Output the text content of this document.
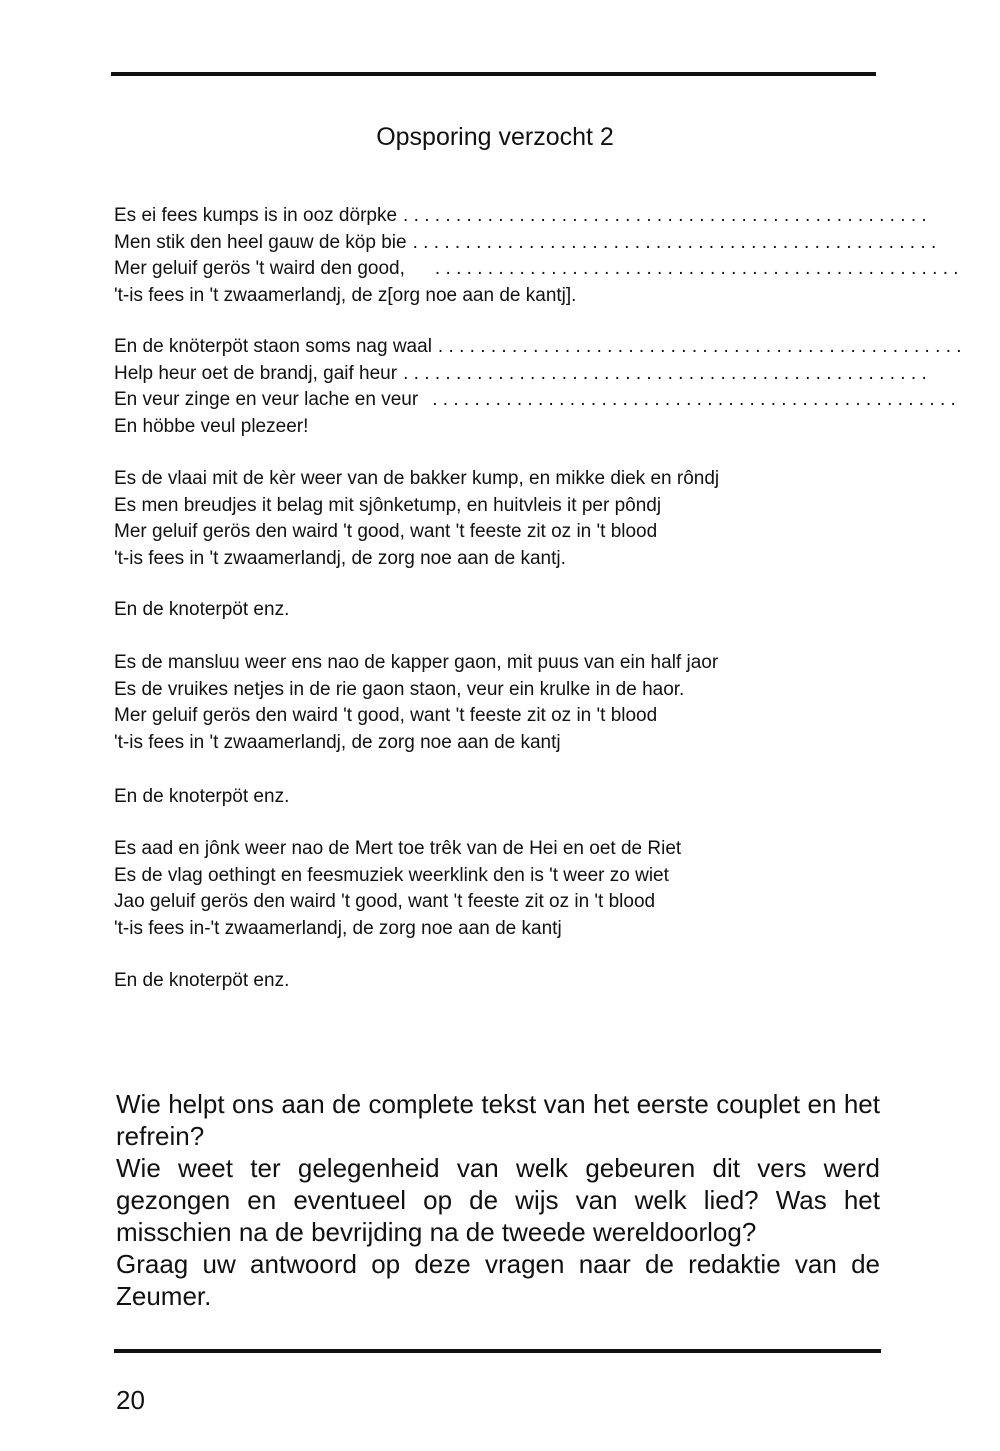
Opsporing verzocht 2
Es ei fees kumps is in ooz dörpke ..................................................
Men stik den heel gauw de köp bie ..................................................
Mer geluif gerös 't waird den good, ..................................................
't-is fees in 't zwaamerlandj, de z[org noe aan de kantj].
En de knöterpöt staon soms nag waal ..................................................
Help heur oet de brandj, gaif heur ..................................................
En veur zinge en veur lache en veur ..................................................
En höbbe veul plezeer!
Es de vlaai mit de kèr weer van de bakker kump, en mikke diek en rôndj
Es men breudjes it belag mit sjônketump, en huitvleis it per pôndj
Mer geluif gerös den waird 't good, want 't feeste zit oz in 't blood
't-is fees in 't zwaamerlandj, de zorg noe aan de kantj.
En de knoterpöt enz.
Es de mansluu weer ens nao de kapper gaon, mit puus van ein half jaor
Es de vruikes netjes in de rie gaon staon, veur ein krulke in de haor.
Mer geluif gerös den waird 't good, want 't feeste zit oz in 't blood
't-is fees in 't zwaamerlandj, de zorg noe aan de kantj
En de knoterpöt enz.
Es aad en jônk weer nao de Mert toe trêk van de Hei en oet de Riet
Es de vlag oethingt en feesmuziek weerklink den is 't weer zo wiet
Jao geluif gerös den waird 't good, want 't feeste zit oz in 't blood
't-is fees in-'t zwaamerlandj, de zorg noe aan de kantj
En de knoterpöt enz.

Wie helpt ons aan de complete tekst van het eerste couplet en het refrein?

Wie weet ter gelegenheid van welk gebeuren dit vers werd gezongen en eventueel op de wijs van welk lied? Was het misschien na de bevrijding na de tweede wereldoorlog?

Graag uw antwoord op deze vragen naar de redaktie van de Zeumer.

20
